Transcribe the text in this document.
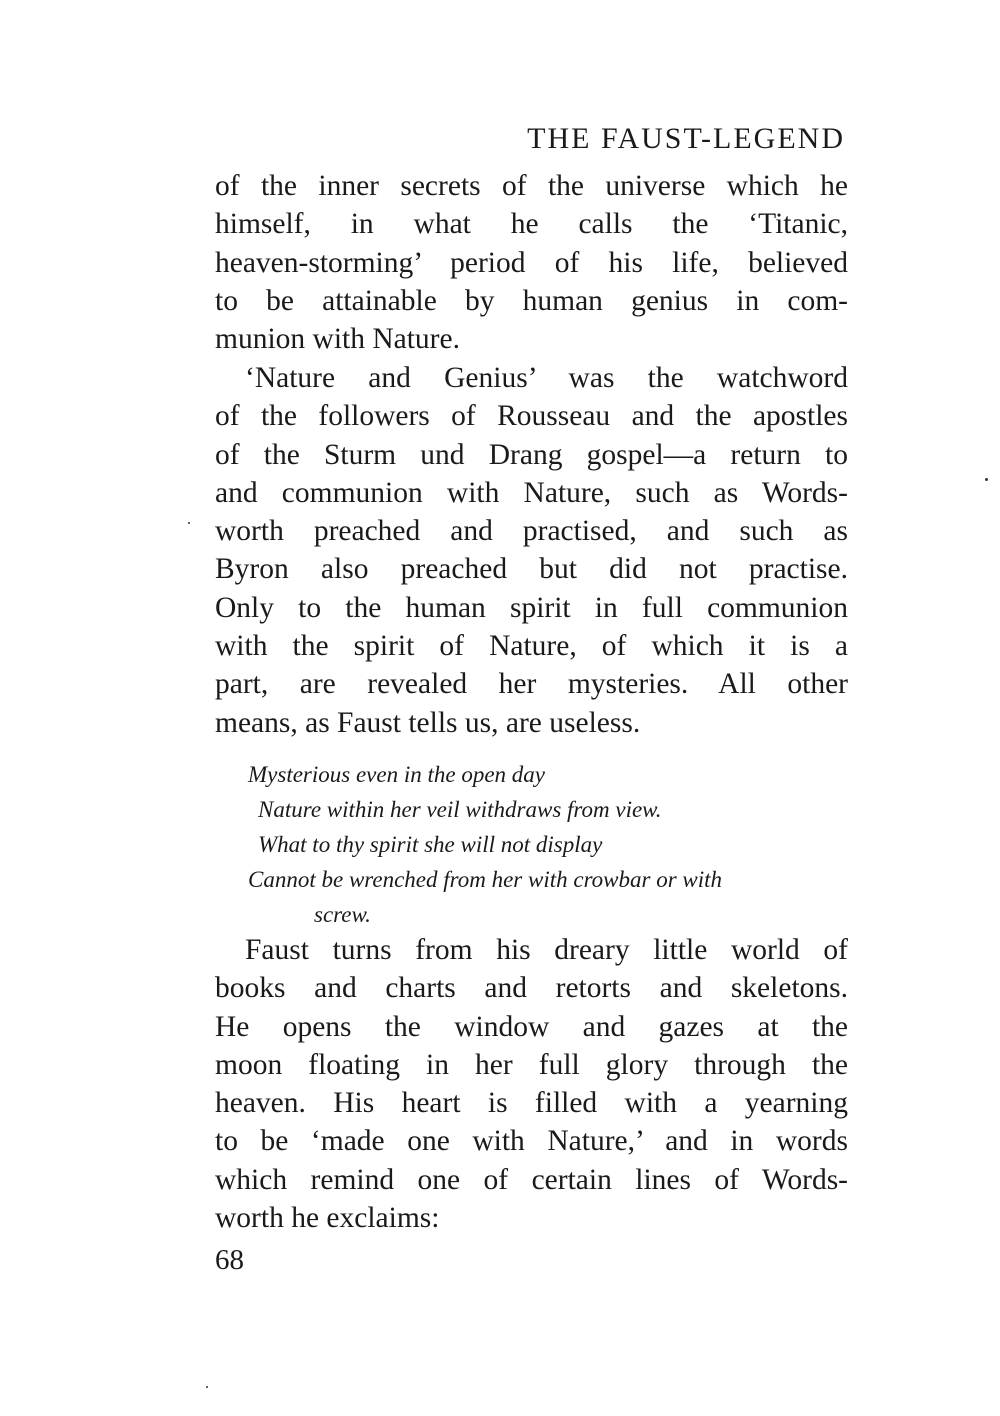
THE FAUST-LEGEND

of the inner secrets of the universe which he
himself, in what he calls the ‘Titanic,
heaven-storming’ period of his life, believed
to be attainable by human genius in com-
munion with Nature.

‘Nature and Genius’ was the watchword
of the followers of Rousseau and the apostles
of the Sturm und Drang gospel—a return to
and communion with Nature, such as Words-
worth preached and practised, and such as
Byron also preached but did not practise.
Only to the human spirit in full communion
with the spirit of Nature, of which it is a
part, are revealed her mysteries. All other
means, as Faust tells us, are useless.

Mysterious even in the open day
Nature within her veil withdraws from view.
What to thy spirit she will not display
Cannot be wrenched from her with crowbar or with
screw.

Faust turns from his dreary little world of
books and charts and retorts and skeletons.
He opens the window and gazes at the
moon floating in her full glory through the
heaven. His heart is filled with a yearning
to be ‘made one with Nature,’ and in words
which remind one of certain lines of Words-
worth he exclaims:

68
